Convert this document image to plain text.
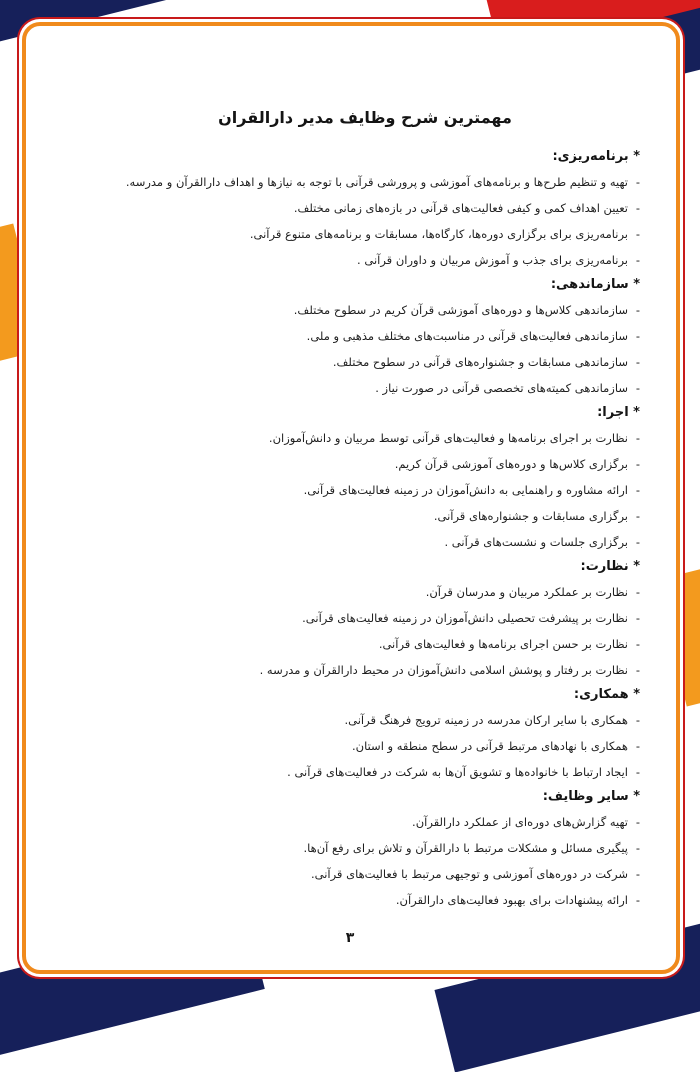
مهمترین شرح وظایف مدیر دارالقران
* برنامه‌ریزی:
-تهیه و تنظیم طرح‌ها و برنامه‌های آموزشی و پرورشی قرآنی با توجه به نیازها و اهداف دارالقرآن و مدرسه.
-تعیین اهداف کمی و کیفی فعالیت‌های قرآنی در بازه‌های زمانی مختلف.
-برنامه‌ریزی برای برگزاری دوره‌ها، کارگاه‌ها، مسابقات و برنامه‌های متنوع قرآنی.
-برنامه‌ریزی برای جذب و آموزش مربیان و داوران قرآنی .
* سازماندهی:
-سازماندهی کلاس‌ها و دوره‌های آموزشی قرآن کریم در سطوح مختلف.
-سازماندهی فعالیت‌های قرآنی در مناسبت‌های مختلف مذهبی و ملی.
-سازماندهی مسابقات و جشنواره‌های قرآنی در سطوح مختلف.
-سازماندهی کمیته‌های تخصصی قرآنی در صورت نیاز .
* اجرا:
-نظارت بر اجرای برنامه‌ها و فعالیت‌های قرآنی توسط مربیان و دانش‌آموزان.
-برگزاری کلاس‌ها و دوره‌های آموزشی قرآن کریم.
-ارائه مشاوره و راهنمایی به دانش‌آموزان در زمینه فعالیت‌های قرآنی.
-برگزاری مسابقات و جشنواره‌های قرآنی.
-برگزاری جلسات و نشست‌های قرآنی .
* نظارت:
-نظارت بر عملکرد مربیان و مدرسان قرآن.
-نظارت بر پیشرفت تحصیلی دانش‌آموزان در زمینه فعالیت‌های قرآنی.
-نظارت بر حسن اجرای برنامه‌ها و فعالیت‌های قرآنی.
-نظارت بر رفتار و پوشش اسلامی دانش‌آموزان در محیط دارالقرآن و مدرسه .
* همکاری:
-همکاری با سایر ارکان مدرسه در زمینه ترویج فرهنگ قرآنی.
-همکاری با نهادهای مرتبط قرآنی در سطح منطقه و استان.
-ایجاد ارتباط با خانواده‌ها و تشویق آن‌ها به شرکت در فعالیت‌های قرآنی .
* سایر وظایف:
-تهیه گزارش‌های دوره‌ای از عملکرد دارالقرآن.
-پیگیری مسائل و مشکلات مرتبط با دارالقرآن و تلاش برای رفع آن‌ها.
-شرکت در دوره‌های آموزشی و توجیهی مرتبط با فعالیت‌های قرآنی.
-ارائه پیشنهادات برای بهبود فعالیت‌های دارالقرآن.
۳
